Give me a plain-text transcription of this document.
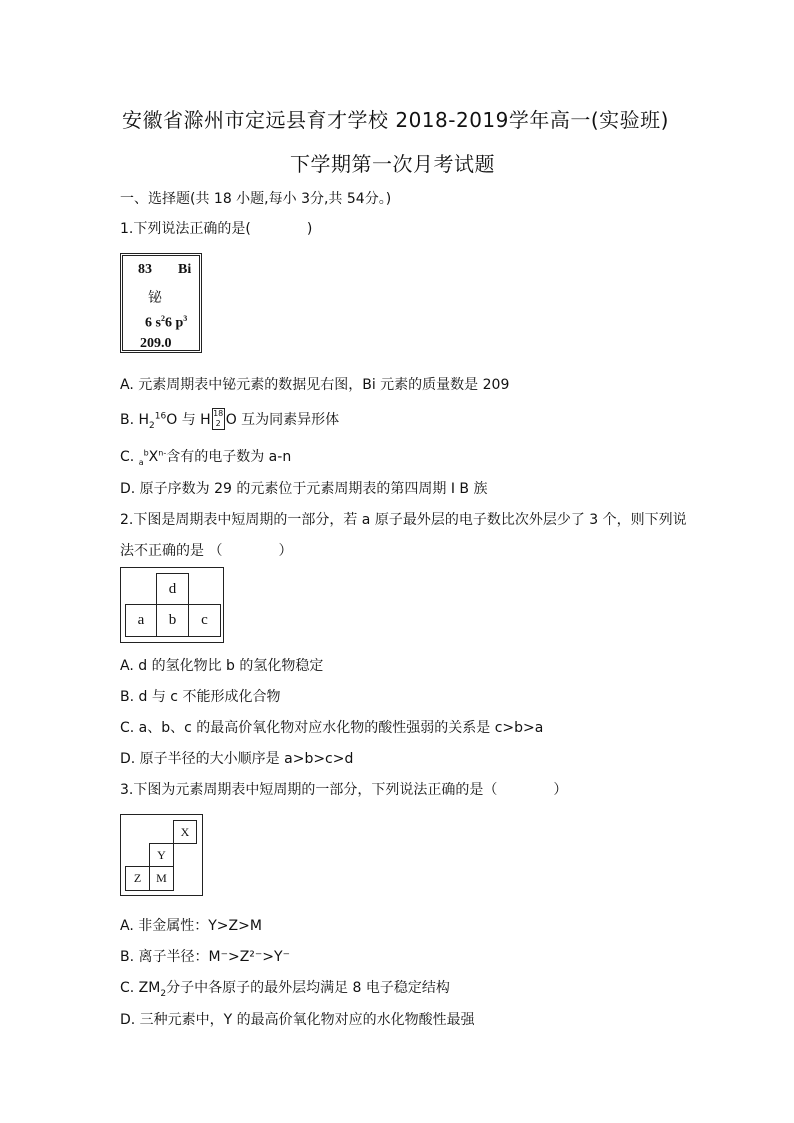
安徽省滁州市定远县育才学校 2018-2019学年高一(实验班)
下学期第一次月考试题
一、选择题(共 18 小题,每小 3分,共 54分。)
1.下列说法正确的是(　　　　)
83 Bi
铋
6 $s^26$ $p^3$
209.0
A. 元素周期表中铋元素的数据见右图，Bi 元素的质量数是 209
B. $H_2^{16}O$ 与 H 18
2 O 互为同素异形体
C. $_a^bX^{n-}$含有的电子数为 a-n
D. 原子序数为 29 的元素位于元素周期表的第四周期 I B 族
2.下图是周期表中短周期的一部分，若 a 原子最外层的电子数比次外层少了 3 个，则下列说
法不正确的是 （　　　　）
d
a	b	c
A. d 的氢化物比 b 的氢化物稳定
B. d 与 c 不能形成化合物
C. a、b、c 的最高价氧化物对应水化物的酸性强弱的关系是 c>b>a
D. 原子半径的大小顺序是 a>b>c>d
3.下图为元素周期表中短周期的一部分，下列说法正确的是（　　　　）
X
Y
Z	M
A. 非金属性：Y>Z>M
B. 离子半径：M⁻>Z²⁻>Y⁻
C. $ZM_2$分子中各原子的最外层均满足 8 电子稳定结构
D. 三种元素中，Y 的最高价氧化物对应的水化物酸性最强
